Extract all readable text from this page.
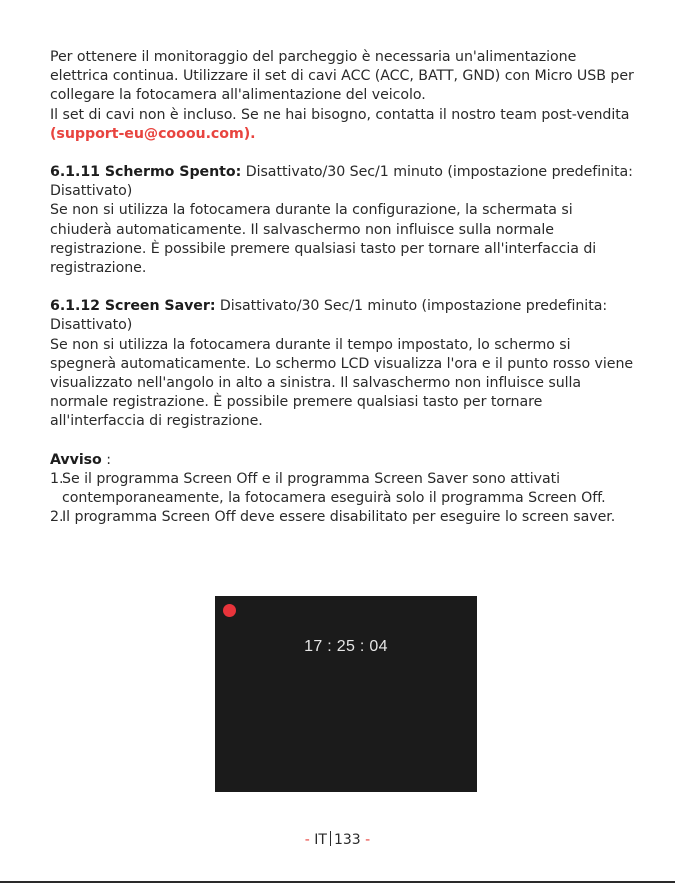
Per ottenere il monitoraggio del parcheggio è necessaria un'alimentazione elettrica continua. Utilizzare il set di cavi ACC (ACC, BATT, GND) con Micro USB per collegare la fotocamera all'alimentazione del veicolo.
Il set di cavi non è incluso. Se ne hai bisogno, contatta il nostro team post-vendita (support-eu@cooou.com).

6.1.11 Schermo Spento: Disattivato/30 Sec/1 minuto (impostazione predefinita: Disattivato)
Se non si utilizza la fotocamera durante la configurazione, la schermata si chiuderà automaticamente. Il salvaschermo non influisce sulla normale registrazione. È possibile premere qualsiasi tasto per tornare all'interfaccia di registrazione.

6.1.12 Screen Saver: Disattivato/30 Sec/1 minuto (impostazione predefinita: Disattivato)
Se non si utilizza la fotocamera durante il tempo impostato, lo schermo si spegnerà automaticamente. Lo schermo LCD visualizza l'ora e il punto rosso viene visualizzato nell'angolo in alto a sinistra. Il salvaschermo non influisce sulla normale registrazione. È possibile premere qualsiasi tasto per tornare all'interfaccia di registrazione.

Avviso :

1.
Se il programma Screen Off e il programma Screen Saver sono attivati contemporaneamente, la fotocamera eseguirà solo il programma Screen Off.
2.
Il programma Screen Off deve essere disabilitato per eseguire lo screen saver.
17 : 25 : 04
- IT 133 -
